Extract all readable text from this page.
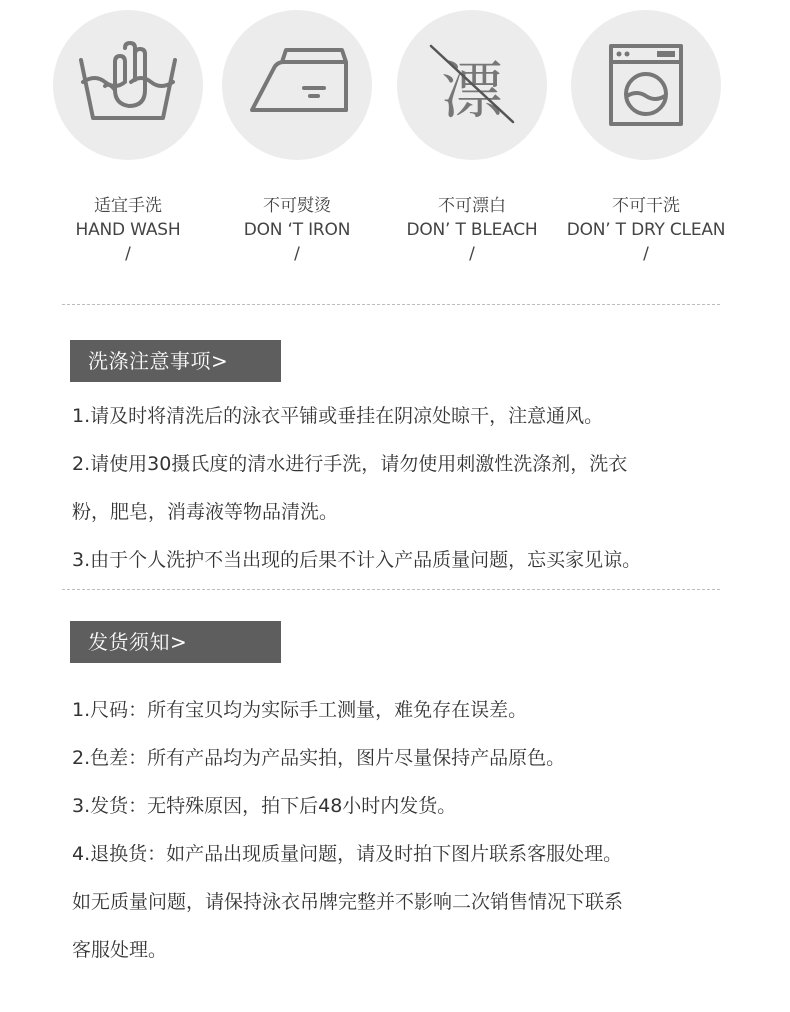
适宜手洗
HAND WASH
/
不可熨烫
DON ‘T IRON
/
漂
不可漂白
DON’ T BLEACH
/
不可干洗
DON’ T DRY CLEAN
/
洗涤注意事项>
1.请及时将清洗后的泳衣平铺或垂挂在阴凉处晾干，注意通风。
2.请使用30摄氏度的清水进行手洗，请勿使用刺激性洗涤剂，洗衣
粉，肥皂，消毒液等物品清洗。
3.由于个人洗护不当出现的后果不计入产品质量问题，忘买家见谅。
发货须知>
1.尺码：所有宝贝均为实际手工测量，难免存在误差。
2.色差：所有产品均为产品实拍，图片尽量保持产品原色。
3.发货：无特殊原因，拍下后48小时内发货。
4.退换货：如产品出现质量问题，请及时拍下图片联系客服处理。
如无质量问题，请保持泳衣吊牌完整并不影响二次销售情况下联系
客服处理。
